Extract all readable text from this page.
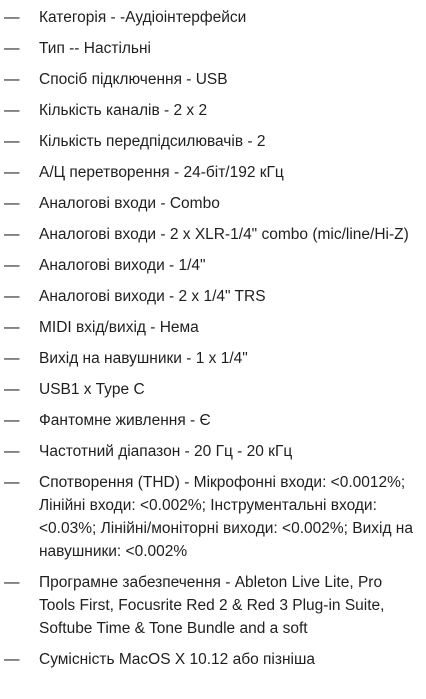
— Категорія - -Аудіоінтерфейси
— Тип -- Настільні
— Спосіб підключення - USB
— Кількість каналів - 2 x 2
— Кількість передпідсилювачів - 2
— А/Ц перетворення - 24-біт/192 кГц
— Аналогові входи - Combo
— Аналогові входи - 2 x XLR-1/4" combo (mic/line/Hi-Z)
— Аналогові виходи - 1/4"
— Аналогові виходи - 2 x 1/4" TRS
— MIDI вхід/вихід - Нема
— Вихід на навушники - 1 x 1/4"
— USB1 x Type C
— Фантомне живлення - Є
— Частотний діапазон - 20 Гц - 20 кГц
— Спотворення (THD) - Мікрофонні входи: <0.0012%; Лінійні входи: <0.002%; Інструментальні входи: <0.03%; Лінійні/моніторні виходи: <0.002%; Вихід на навушники: <0.002%
— Програмне забезпечення - Ableton Live Lite, Pro Tools First, Focusrite Red 2 & Red 3 Plug-in Suite, Softube Time & Tone Bundle and a soft
— Сумісність MacOS X 10.12 або пізніша
